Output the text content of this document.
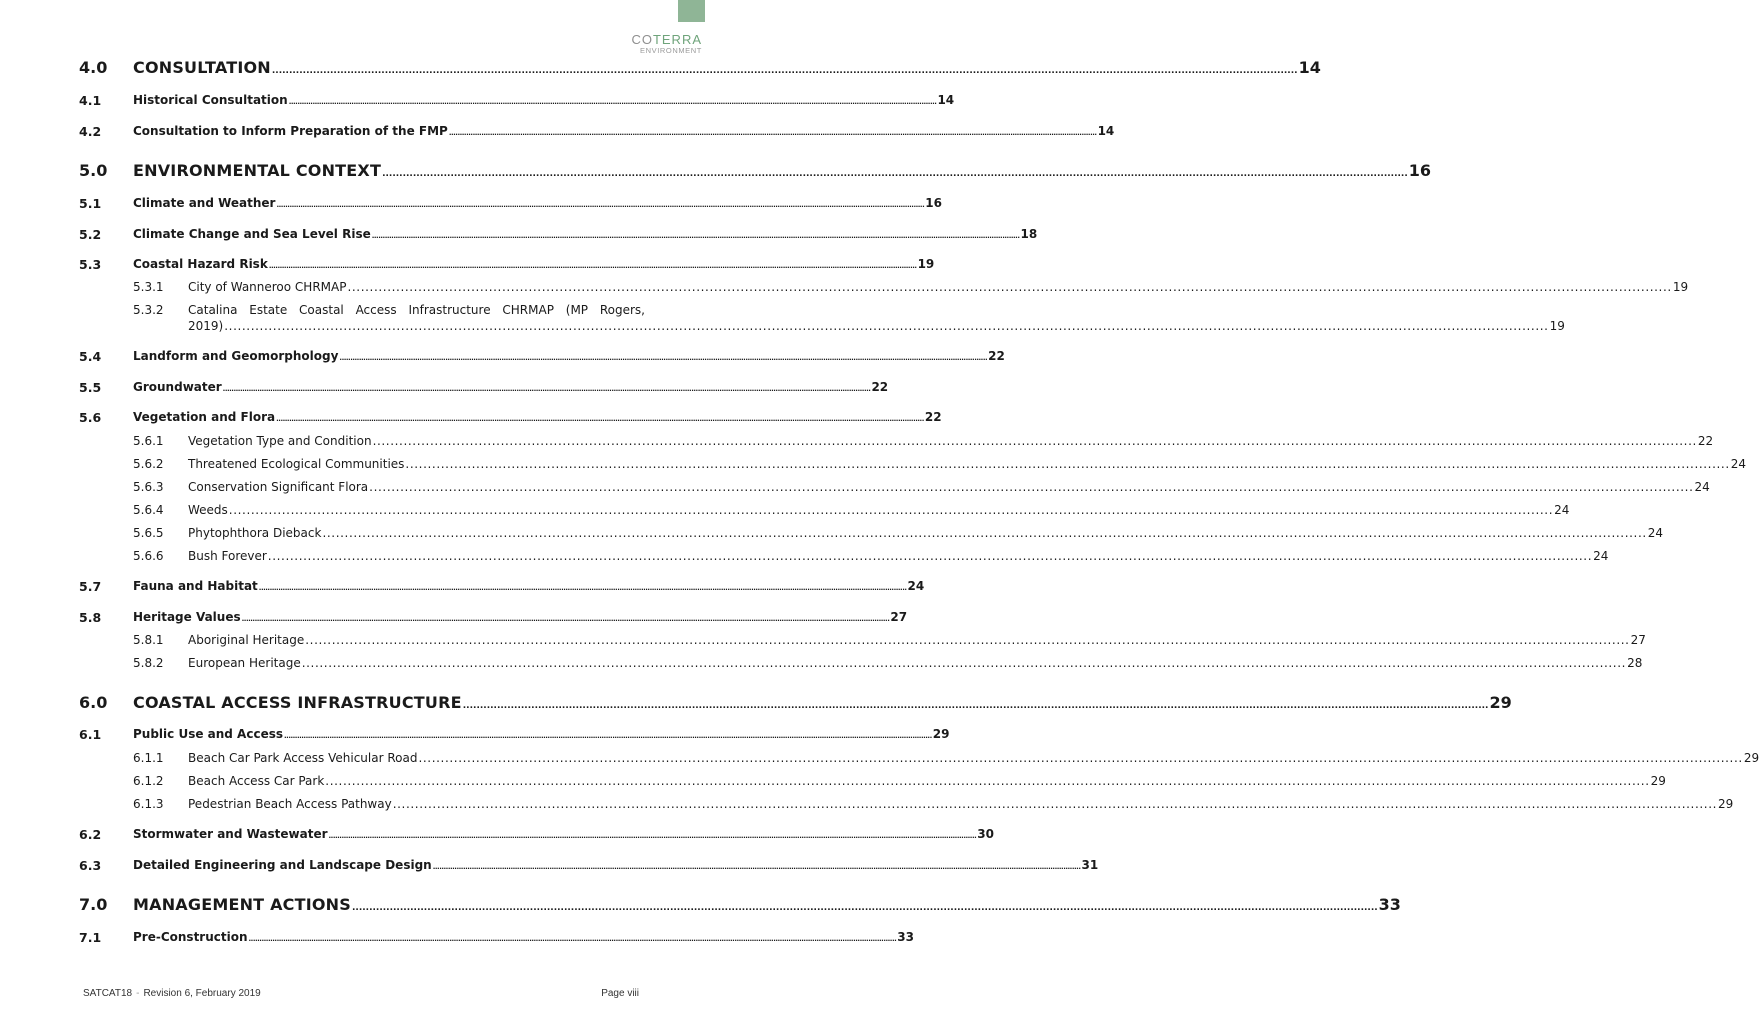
COTERRA
ENVIRONMENT
4.0 CONSULTATION ............................................................................................................................................................................................................................................................................................................ 14
4.1	Historical Consultation ............................................................................................................................................................................................................................................................................................................ 14
4.2	Consultation to Inform Preparation of the FMP ............................................................................................................................................................................................................................................................................................................ 14
5.0 ENVIRONMENTAL CONTEXT ............................................................................................................................................................................................................................................................................................................ 16
5.1	Climate and Weather ............................................................................................................................................................................................................................................................................................................ 16
5.2	Climate Change and Sea Level Rise ............................................................................................................................................................................................................................................................................................................ 18
5.3	Coastal Hazard Risk ............................................................................................................................................................................................................................................................................................................ 19
5.3.1 City of Wanneroo CHRMAP ............................................................................................................................................................................................................................................................................................................ 19
5.3.2 Catalina Estate Coastal Access Infrastructure CHRMAP (MP Rogers,
2019) ............................................................................................................................................................................................................................................................................................................ 19
5.4	Landform and Geomorphology ............................................................................................................................................................................................................................................................................................................ 22
5.5	Groundwater ............................................................................................................................................................................................................................................................................................................ 22
5.6	Vegetation and Flora ............................................................................................................................................................................................................................................................................................................ 22
5.6.1 Vegetation Type and Condition ............................................................................................................................................................................................................................................................................................................ 22
5.6.2 Threatened Ecological Communities ............................................................................................................................................................................................................................................................................................................ 24
5.6.3 Conservation Significant Flora ............................................................................................................................................................................................................................................................................................................ 24
5.6.4 Weeds ............................................................................................................................................................................................................................................................................................................ 24
5.6.5 Phytophthora Dieback ............................................................................................................................................................................................................................................................................................................ 24
5.6.6 Bush Forever ............................................................................................................................................................................................................................................................................................................ 24
5.7	Fauna and Habitat ............................................................................................................................................................................................................................................................................................................ 24
5.8	Heritage Values ............................................................................................................................................................................................................................................................................................................ 27
5.8.1 Aboriginal Heritage ............................................................................................................................................................................................................................................................................................................ 27
5.8.2 European Heritage ............................................................................................................................................................................................................................................................................................................ 28
6.0 COASTAL ACCESS INFRASTRUCTURE ............................................................................................................................................................................................................................................................................................................ 29
6.1	Public Use and Access ............................................................................................................................................................................................................................................................................................................ 29
6.1.1 Beach Car Park Access Vehicular Road ............................................................................................................................................................................................................................................................................................................ 29
6.1.2 Beach Access Car Park ............................................................................................................................................................................................................................................................................................................ 29
6.1.3 Pedestrian Beach Access Pathway ............................................................................................................................................................................................................................................................................................................ 29
6.2	Stormwater and Wastewater ............................................................................................................................................................................................................................................................................................................ 30
6.3	Detailed Engineering and Landscape Design ............................................................................................................................................................................................................................................................................................................ 31
7.0 MANAGEMENT ACTIONS ............................................................................................................................................................................................................................................................................................................ 33
7.1	Pre-Construction ............................................................................................................................................................................................................................................................................................................ 33
SATCAT18 - Revision 6, February 2019	Page viii
